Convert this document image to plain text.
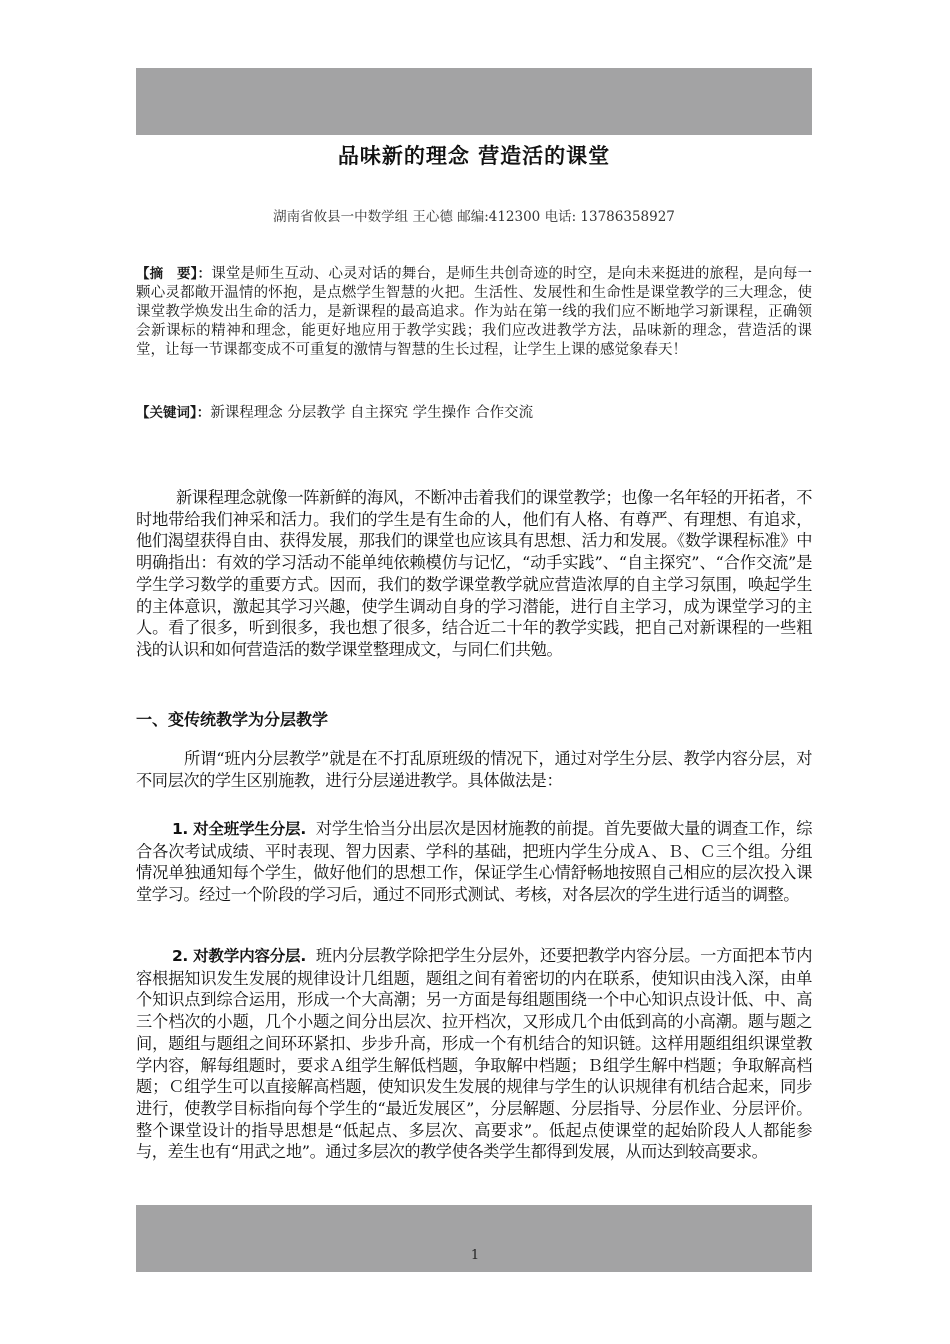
品味新的理念 营造活的课堂
湖南省攸县一中数学组 王心德 邮编:412300 电话: 13786358927
【摘　要】：课堂是师生互动、心灵对话的舞台，是师生共创奇迹的时空，是向未来挺进的旅程，是向每一颗心灵都敞开温情的怀抱，是点燃学生智慧的火把。生活性、发展性和生命性是课堂教学的三大理念，使课堂教学焕发出生命的活力，是新课程的最高追求。作为站在第一线的我们应不断地学习新课程，正确领会新课标的精神和理念，能更好地应用于教学实践；我们应改进教学方法，品味新的理念，营造活的课堂，让每一节课都变成不可重复的激情与智慧的生长过程，让学生上课的感觉象春天！
【关键词】：新课程理念 分层教学 自主探究 学生操作 合作交流
新课程理念就像一阵新鲜的海风，不断冲击着我们的课堂教学；也像一名年轻的开拓者，不时地带给我们神采和活力。我们的学生是有生命的人，他们有人格、有尊严、有理想、有追求，他们渴望获得自由、获得发展，那我们的课堂也应该具有思想、活力和发展。《数学课程标准》中明确指出：有效的学习活动不能单纯依赖模仿与记忆，“动手实践”、“自主探究”、“合作交流”是学生学习数学的重要方式。因而，我们的数学课堂教学就应营造浓厚的自主学习氛围，唤起学生的主体意识，激起其学习兴趣，使学生调动自身的学习潜能，进行自主学习，成为课堂学习的主人。看了很多，听到很多，我也想了很多，结合近二十年的教学实践，把自己对新课程的一些粗浅的认识和如何营造活的数学课堂整理成文，与同仁们共勉。
一、变传统教学为分层教学
所谓“班内分层教学”就是在不打乱原班级的情况下，通过对学生分层、教学内容分层，对不同层次的学生区别施教，进行分层递进教学。具体做法是：
1. 对全班学生分层. 对学生恰当分出层次是因材施教的前提。首先要做大量的调查工作，综合各次考试成绩、平时表现、智力因素、学科的基础，把班内学生分成Ａ、Ｂ、Ｃ三个组。分组情况单独通知每个学生，做好他们的思想工作，保证学生心情舒畅地按照自己相应的层次投入课堂学习。经过一个阶段的学习后，通过不同形式测试、考核，对各层次的学生进行适当的调整。
2. 对教学内容分层. 班内分层教学除把学生分层外，还要把教学内容分层。一方面把本节内容根据知识发生发展的规律设计几组题，题组之间有着密切的内在联系，使知识由浅入深，由单个知识点到综合运用，形成一个大高潮；另一方面是每组题围绕一个中心知识点设计低、中、高三个档次的小题，几个小题之间分出层次、拉开档次，又形成几个由低到高的小高潮。题与题之间，题组与题组之间环环紧扣、步步升高，形成一个有机结合的知识链。这样用题组组织课堂教学内容，解每组题时，要求Ａ组学生解低档题，争取解中档题；Ｂ组学生解中档题；争取解高档题；Ｃ组学生可以直接解高档题，使知识发生发展的规律与学生的认识规律有机结合起来，同步进行，使教学目标指向每个学生的“最近发展区”，分层解题、分层指导、分层作业、分层评价。整个课堂设计的指导思想是“低起点、多层次、高要求”。低起点使课堂的起始阶段人人都能参与，差生也有“用武之地”。通过多层次的教学使各类学生都得到发展，从而达到较高要求。
1
